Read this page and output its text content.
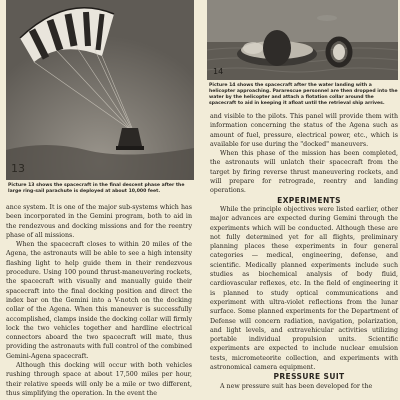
13
Picture 13 shows the spacecraft in the final descent phase after the large ring-sail parachute is deployed at about 10,000 feet.

ance system. It is one of the major sub-systems which has been incorporated in the Gemini program, both to aid in the rendezvous and docking missions and for the reentry phase of all missions.

When the spacecraft closes to within 20 miles of the Agena, the astronauts will be able to see a high intensity flashing light to help guide them in their rendezvous procedure. Using 100 pound thrust-maneuvering rockets, the spacecraft with visually and manually guide their spacecraft into the final docking position and direct the index bar on the Gemini into a V-notch on the docking collar of the Agena. When this maneuver is successfully accomplished, clamps inside the docking collar will firmly lock the two vehicles together and hardline electrical connectors aboard the two spacecraft will mate, thus providing the astronauts with full control of the combined Gemini-Agena spacecraft.

Although this docking will occur with both vehicles rushing through space at about 17,500 miles per hour, their relative speeds will only be a mile or two different, thus simplifying the operation. In the event the

14
Picture 14 shows the spacecraft after the water landing with a helicopter approaching. Pararescue personnel are then dropped into the water by the helicopter and attach a flotation collar around the spacecraft to aid in keeping it afloat until the retrieval ship arrives.

and visible to the pilots. This panel will provide them with information concerning the status of the Agena such as amount of fuel, pressure, electrical power, etc., which is available for use during the "docked" maneuvers.

When this phase of the mission has been completed, the astronauts will unlatch their spacecraft from the target by firing reverse thrust maneuvering rockets, and will prepare for retrograde, reentry and landing operations.

EXPERIMENTS

While the principle objectives were listed earlier, other major advances are expected during Gemini through the experiments which will be conducted. Although these are not fully determined yet for all flights, preliminary planning places these experiments in four general categories — medical, engineering, defense, and scientific. Medically planned experiments include such studies as biochemical analysis of body fluid, cardiovascular reflexes, etc. In the field of engineering it is planned to study optical communications and experiment with ultra-violet reflections from the lunar surface. Some planned experiments for the Department of Defense will concern radiation, navigation, polarization, and light levels, and extravehicular activities utilizing portable individual propulsion units. Scientific experiments are expected to include nuclear emulsion tests, micrometeorite collection, and experiments with astronomical camera equipment.

PRESSURE SUIT

A new pressure suit has been developed for the
